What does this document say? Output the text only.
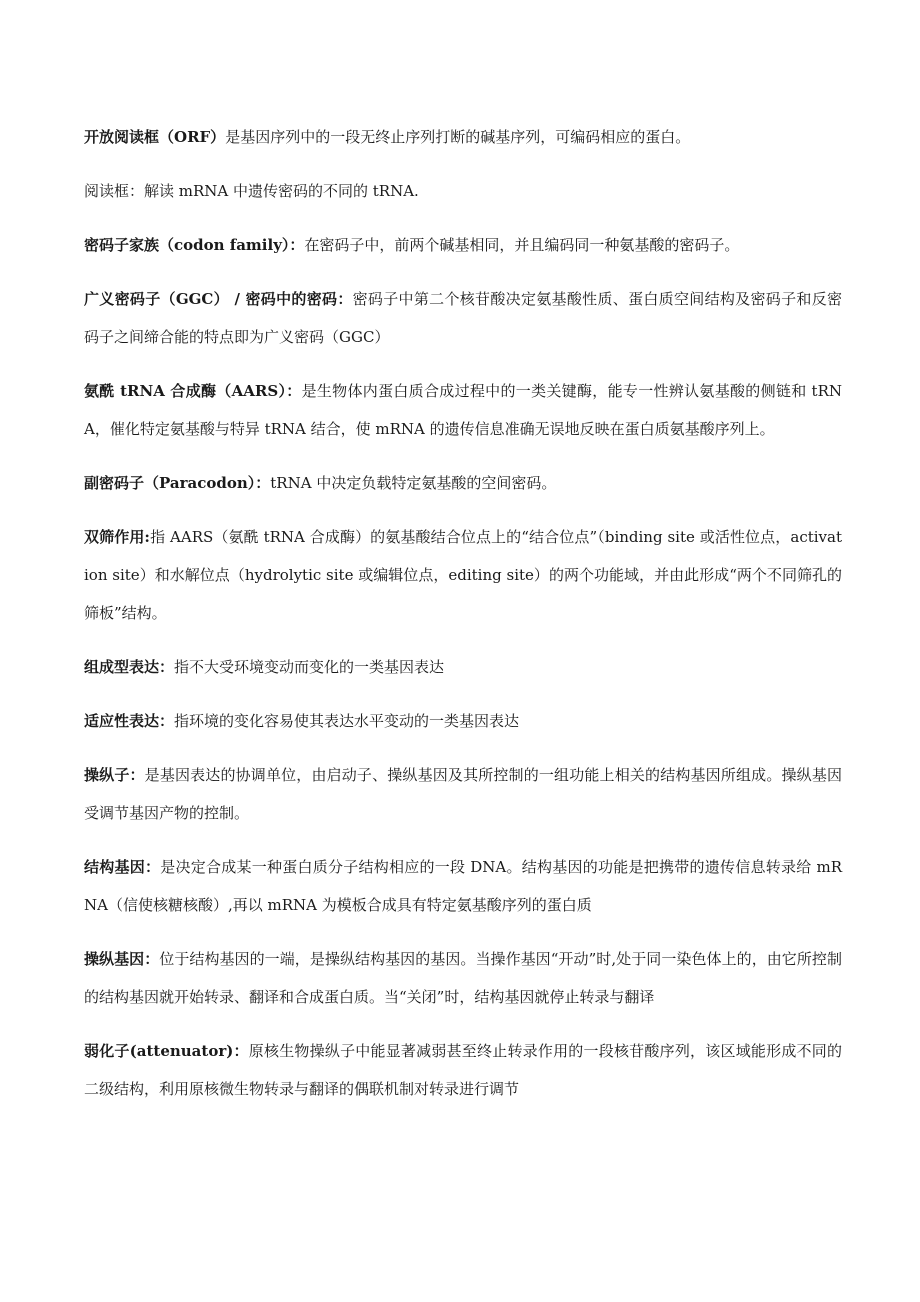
开放阅读框（ORF）是基因序列中的一段无终止序列打断的碱基序列，可编码相应的蛋白。

阅读框：解读 mRNA 中遗传密码的不同的 tRNA.

密码子家族（codon family）：在密码子中，前两个碱基相同，并且编码同一种氨基酸的密码子。

广义密码子（GGC） / 密码中的密码：密码子中第二个核苷酸决定氨基酸性质、蛋白质空间结构及密码子和反密码子之间缔合能的特点即为广义密码（GGC）

氨酰 tRNA 合成酶（AARS）：是生物体内蛋白质合成过程中的一类关键酶，能专一性辨认氨基酸的侧链和 tRNA，催化特定氨基酸与特异 tRNA 结合，使 mRNA 的遗传信息准确无误地反映在蛋白质氨基酸序列上。

副密码子（Paracodon）：tRNA 中决定负载特定氨基酸的空间密码。

双筛作用:指 AARS（氨酰 tRNA 合成酶）的氨基酸结合位点上的“结合位点”（binding site 或活性位点，activation site）和水解位点（hydrolytic site 或编辑位点，editing site）的两个功能域，并由此形成“两个不同筛孔的筛板”结构。

组成型表达：指不大受环境变动而变化的一类基因表达

适应性表达：指环境的变化容易使其表达水平变动的一类基因表达

操纵子：是基因表达的协调单位，由启动子、操纵基因及其所控制的一组功能上相关的结构基因所组成。操纵基因受调节基因产物的控制。

结构基因：是决定合成某一种蛋白质分子结构相应的一段 DNA。结构基因的功能是把携带的遗传信息转录给 mRNA（信使核糖核酸）,再以 mRNA 为模板合成具有特定氨基酸序列的蛋白质

操纵基因：位于结构基因的一端，是操纵结构基因的基因。当操作基因“开动”时,处于同一染色体上的，由它所控制的结构基因就开始转录、翻译和合成蛋白质。当“关闭”时，结构基因就停止转录与翻译

弱化子(attenuator)：原核生物操纵子中能显著减弱甚至终止转录作用的一段核苷酸序列，该区域能形成不同的二级结构，利用原核微生物转录与翻译的偶联机制对转录进行调节
